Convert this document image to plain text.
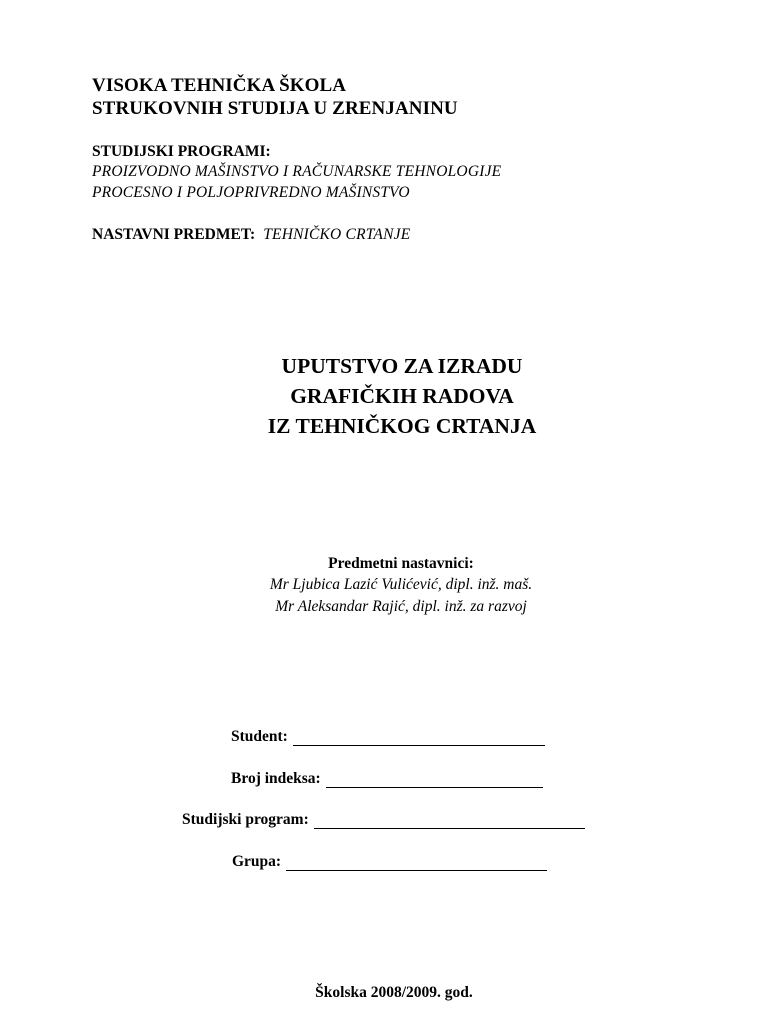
VISOKA TEHNIČKA ŠKOLA
STRUKOVNIH STUDIJA U ZRENJANINU
STUDIJSKI PROGRAMI:
PROIZVODNO MAŠINSTVO I RAČUNARSKE TEHNOLOGIJE
PROCESNO I POLJOPRIVREDNO MAŠINSTVO
NASTAVNI PREDMET: TEHNIČKO CRTANJE
UPUTSTVO ZA IZRADU
GRAFIČKIH RADOVA
IZ TEHNIČKOG CRTANJA
Predmetni nastavnici:
Mr Ljubica Lazić Vulićević, dipl. inž. maš.
Mr Aleksandar Rajić, dipl. inž. za razvoj
Student:
Broj indeksa:
Studijski program:
Grupa:
Školska 2008/2009. god.
